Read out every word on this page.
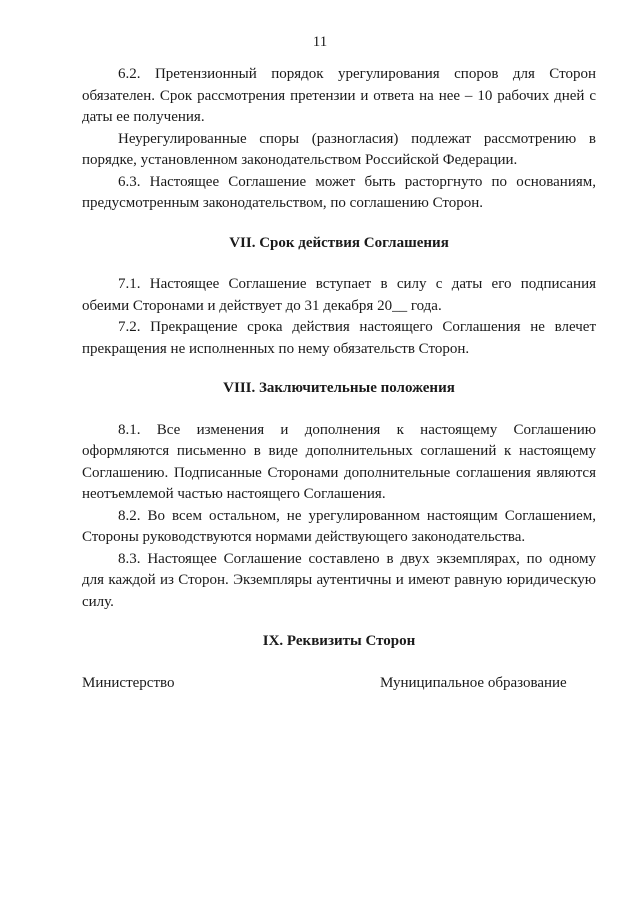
11

6.2. Претензионный порядок урегулирования споров для Сторон обязателен. Срок рассмотрения претензии и ответа на нее – 10 рабочих дней с даты ее получения.

Неурегулированные споры (разногласия) подлежат рассмотрению в порядке, установленном законодательством Российской Федерации.

6.3. Настоящее Соглашение может быть расторгнуто по основаниям, предусмотренным законодательством, по соглашению Сторон.

VII. Срок действия Соглашения

7.1. Настоящее Соглашение вступает в силу с даты его подписания обеими Сторонами и действует до 31 декабря 20__ года.

7.2. Прекращение срока действия настоящего Соглашения не влечет прекращения не исполненных по нему обязательств Сторон.

VIII. Заключительные положения

8.1. Все изменения и дополнения к настоящему Соглашению оформляются письменно в виде дополнительных соглашений к настоящему Соглашению. Подписанные Сторонами дополнительные соглашения являются неотъемлемой частью настоящего Соглашения.

8.2. Во всем остальном, не урегулированном настоящим Соглашением, Стороны руководствуются нормами действующего законодательства.

8.3. Настоящее Соглашение составлено в двух экземплярах, по одному для каждой из Сторон. Экземпляры аутентичны и имеют равную юридическую силу.

IX. Реквизиты Сторон

Министерство	Муниципальное образование
